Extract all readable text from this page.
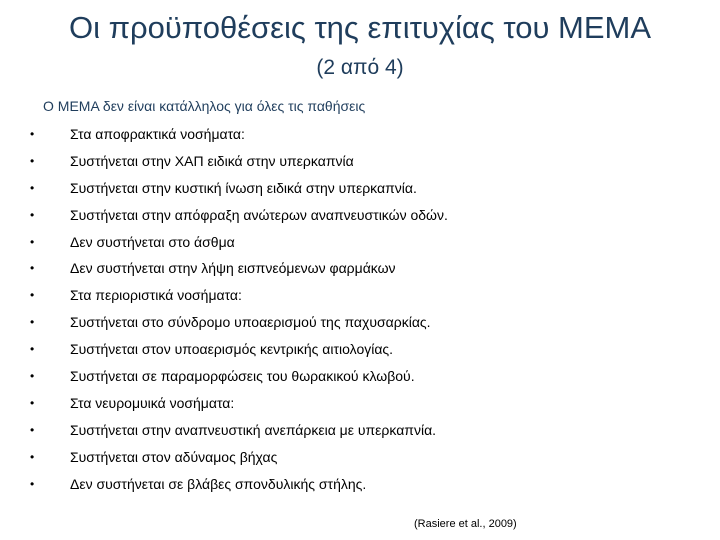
Οι προϋποθέσεις της επιτυχίας του ΜΕΜΑ
(2 από 4)
Ο ΜΕΜΑ δεν είναι κατάλληλος για όλες τις παθήσεις
•	Στα αποφρακτικά νοσήματα:
•	Συστήνεται στην ΧΑΠ ειδικά στην υπερκαπνία
•	Συστήνεται στην κυστική ίνωση ειδικά στην υπερκαπνία.
•	Συστήνεται στην απόφραξη ανώτερων αναπνευστικών οδών.
•	Δεν συστήνεται στο άσθμα
•	Δεν συστήνεται στην λήψη εισπνεόμενων φαρμάκων
•	Στα περιοριστικά νοσήματα:
•	Συστήνεται στο σύνδρομο υποαερισμού της παχυσαρκίας.
•	Συστήνεται στον υποαερισμός κεντρικής αιτιολογίας.
•	Συστήνεται σε παραμορφώσεις του θωρακικού κλωβού.
•	Στα νευρομυικά νοσήματα:
•	Συστήνεται στην αναπνευστική ανεπάρκεια με υπερκαπνία.
•	Συστήνεται στον αδύναμος βήχας
•	Δεν συστήνεται σε βλάβες σπονδυλικής στήλης.
(Rasiere et al., 2009)
